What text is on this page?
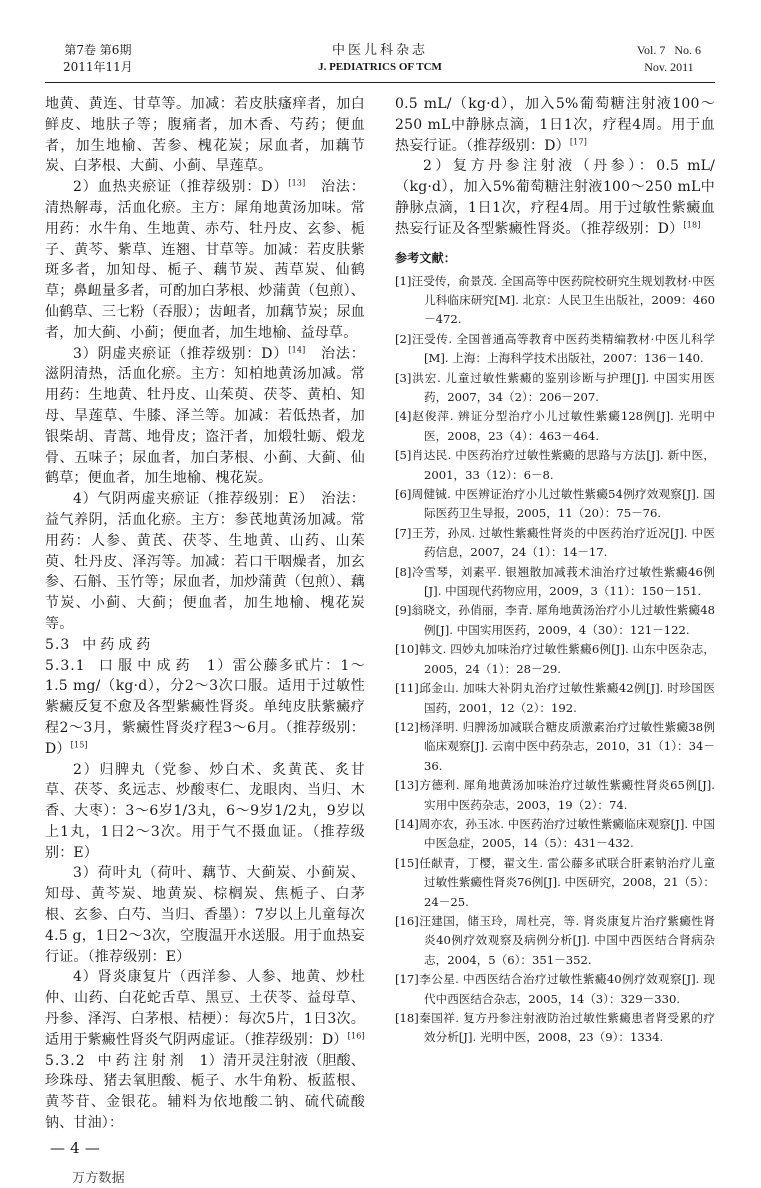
第7卷 第6期
2011年11月
中医儿科杂志
J. PEDIATRICS OF TCM
Vol. 7   No. 6
Nov. 2011

地黄、黄连、甘草等。加减：若皮肤瘙痒者，加白鲜皮、地肤子等；腹痛者，加木香、芍药；便血者，加生地榆、苦参、槐花炭；尿血者，加藕节炭、白茅根、大蓟、小蓟、旱莲草。

2）血热夹瘀证（推荐级别：D）[13]　治法：清热解毒，活血化瘀。主方：犀角地黄汤加味。常用药：水牛角、生地黄、赤芍、牡丹皮、玄参、栀子、黄芩、紫草、连翘、甘草等。加减：若皮肤紫斑多者，加知母、栀子、藕节炭、茜草炭、仙鹤草；鼻衄量多者，可酌加白茅根、炒蒲黄（包煎）、仙鹤草、三七粉（吞服）；齿衄者，加藕节炭；尿血者，加大蓟、小蓟；便血者，加生地榆、益母草。

3）阴虚夹瘀证（推荐级别：D）[14]　治法：滋阴清热，活血化瘀。主方：知柏地黄汤加减。常用药：生地黄、牡丹皮、山茱萸、茯苓、黄柏、知母、旱莲草、牛膝、泽兰等。加减：若低热者，加银柴胡、青蒿、地骨皮；盗汗者，加煅牡蛎、煅龙骨、五味子；尿血者，加白茅根、小蓟、大蓟、仙鹤草；便血者，加生地榆、槐花炭。

4）气阴两虚夹瘀证（推荐级别：E）　治法：益气养阴，活血化瘀。主方：参芪地黄汤加减。常用药：人参、黄芪、茯苓、生地黄、山药、山茱萸、牡丹皮、泽泻等。加减：若口干咽燥者，加玄参、石斛、玉竹等；尿血者，加炒蒲黄（包煎）、藕节炭、小蓟、大蓟；便血者，加生地榆、槐花炭等。

5.3 中药成药

5.3.1 口服中成药 1）雷公藤多甙片：1～1.5 mg/（kg·d），分2～3次口服。适用于过敏性紫癜反复不愈及各型紫癜性肾炎。单纯皮肤紫癜疗程2～3月，紫癜性肾炎疗程3～6月。（推荐级别：D）[15]

2）归脾丸（党参、炒白术、炙黄芪、炙甘草、茯苓、炙远志、炒酸枣仁、龙眼肉、当归、木香、大枣）：3～6岁1/3丸，6～9岁1/2丸，9岁以上1丸，1日2～3次。用于气不摄血证。（推荐级别：E）

3）荷叶丸（荷叶、藕节、大蓟炭、小蓟炭、知母、黄芩炭、地黄炭、棕榈炭、焦栀子、白茅根、玄参、白芍、当归、香墨）：7岁以上儿童每次4.5 g，1日2～3次，空腹温开水送服。用于血热妄行证。（推荐级别：E）

4）肾炎康复片（西洋参、人参、地黄、炒杜仲、山药、白花蛇舌草、黑豆、土茯苓、益母草、丹参、泽泻、白茅根、桔梗）：每次5片，1日3次。适用于紫癜性肾炎气阴两虚证。（推荐级别：D）[16]

5.3.2 中药注射剂 1）清开灵注射液（胆酸、珍珠母、猪去氧胆酸、栀子、水牛角粉、板蓝根、黄芩苷、金银花。辅料为依地酸二钠、硫代硫酸钠、甘油）：

— 4 —
万方数据

0.5 mL/（kg·d），加入5%葡萄糖注射液100～250 mL中静脉点滴，1日1次，疗程4周。用于血热妄行证。（推荐级别：D）[17]

2）复方丹参注射液（丹参）：0.5 mL/（kg·d），加入5%葡萄糖注射液100～250 mL中静脉点滴，1日1次，疗程4周。用于过敏性紫癜血热妄行证及各型紫癜性肾炎。（推荐级别：D）[18]

参考文献：

[1]汪受传，俞景茂. 全国高等中医药院校研究生规划教材·中医儿科临床研究[M]. 北京：人民卫生出版社，2009：460－472.

[2]汪受传. 全国普通高等教育中医药类精编教材·中医儿科学[M]. 上海：上海科学技术出版社，2007：136－140.

[3]洪宏. 儿童过敏性紫癜的鉴别诊断与护理[J]. 中国实用医药，2007，34（2）：206－207.

[4]赵俊萍. 辨证分型治疗小儿过敏性紫癜128例[J]. 光明中医，2008，23（4）：463－464.

[5]肖达民. 中医药治疗过敏性紫癜的思路与方法[J]. 新中医，2001，33（12）：6－8.

[6]周健铖. 中医辨证治疗小儿过敏性紫癜54例疗效观察[J]. 国际医药卫生导报，2005，11（20）：75－76.

[7]王芳，孙凤. 过敏性紫癜性肾炎的中医药治疗近况[J]. 中医药信息，2007，24（1）：14－17.

[8]冷雪琴，刘素平. 银翘散加减莪术油治疗过敏性紫癜46例[J]. 中国现代药物应用，2009，3（11）：150－151.

[9]翁晓文，孙俏丽，李青. 犀角地黄汤治疗小儿过敏性紫癜48例[J]. 中国实用医药，2009，4（30）：121－122.

[10]韩文. 四妙丸加味治疗过敏性紫癜6例[J]. 山东中医杂志，2005，24（1）：28－29.

[11]邱金山. 加味大补阴丸治疗过敏性紫癜42例[J]. 时珍国医国药，2001，12（2）：192.

[12]杨泽明. 归脾汤加减联合糖皮质激素治疗过敏性紫癜38例临床观察[J]. 云南中医中药杂志，2010，31（1）：34－36.

[13]方德利. 犀角地黄汤加味治疗过敏性紫癜性肾炎65例[J]. 实用中医药杂志，2003，19（2）：74.

[14]周亦农，孙玉冰. 中医药治疗过敏性紫癜临床观察[J]. 中国中医急症，2005，14（5）：431－432.

[15]任献青，丁樱，翟文生. 雷公藤多甙联合肝素钠治疗儿童过敏性紫癜性肾炎76例[J]. 中医研究，2008，21（5）：24－25.

[16]汪建国，储玉玲，周杜亮，等. 肾炎康复片治疗紫癜性肾炎40例疗效观察及病例分析[J]. 中国中西医结合肾病杂志，2004，5（6）：351－352.

[17]李公星. 中西医结合治疗过敏性紫癜40例疗效观察[J]. 现代中西医结合杂志，2005，14（3）：329－330.

[18]秦国祥. 复方丹参注射液防治过敏性紫癜患者肾受累的疗效分析[J]. 光明中医，2008，23（9）：1334.
